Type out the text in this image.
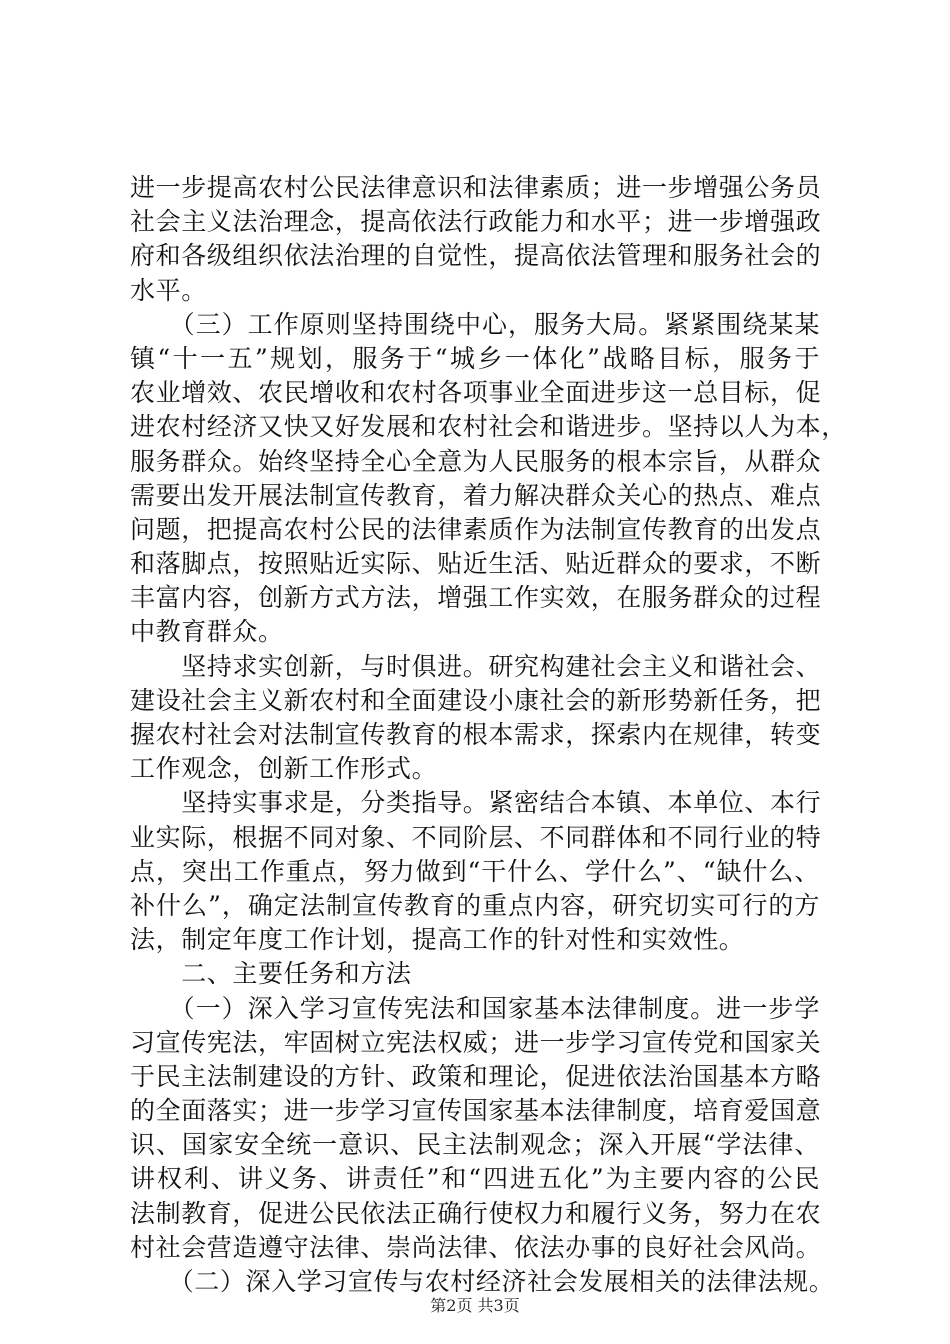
进一步提高农村公民法律意识和法律素质；进一步增强公务员
社会主义法治理念，提高依法行政能力和水平；进一步增强政
府和各级组织依法治理的自觉性，提高依法管理和服务社会的
水平。
　　（三）工作原则坚持围绕中心，服务大局。紧紧围绕某某
镇“十一五”规划，服务于“城乡一体化”战略目标，服务于
农业增效、农民增收和农村各项事业全面进步这一总目标，促
进农村经济又快又好发展和农村社会和谐进步。坚持以人为本，
服务群众。始终坚持全心全意为人民服务的根本宗旨，从群众
需要出发开展法制宣传教育，着力解决群众关心的热点、难点
问题，把提高农村公民的法律素质作为法制宣传教育的出发点
和落脚点，按照贴近实际、贴近生活、贴近群众的要求，不断
丰富内容，创新方式方法，增强工作实效，在服务群众的过程
中教育群众。
　　坚持求实创新，与时俱进。研究构建社会主义和谐社会、
建设社会主义新农村和全面建设小康社会的新形势新任务，把
握农村社会对法制宣传教育的根本需求，探索内在规律，转变
工作观念，创新工作形式。
　　坚持实事求是，分类指导。紧密结合本镇、本单位、本行
业实际，根据不同对象、不同阶层、不同群体和不同行业的特
点，突出工作重点，努力做到“干什么、学什么”、“缺什么、
补什么”，确定法制宣传教育的重点内容，研究切实可行的方
法，制定年度工作计划，提高工作的针对性和实效性。
　　二、主要任务和方法
　　（一）深入学习宣传宪法和国家基本法律制度。进一步学
习宣传宪法，牢固树立宪法权威；进一步学习宣传党和国家关
于民主法制建设的方针、政策和理论，促进依法治国基本方略
的全面落实；进一步学习宣传国家基本法律制度，培育爱国意
识、国家安全统一意识、民主法制观念；深入开展“学法律、
讲权利、讲义务、讲责任”和“四进五化”为主要内容的公民
法制教育，促进公民依法正确行使权力和履行义务，努力在农
村社会营造遵守法律、崇尚法律、依法办事的良好社会风尚。
　　（二）深入学习宣传与农村经济社会发展相关的法律法规。
第2页 共3页
